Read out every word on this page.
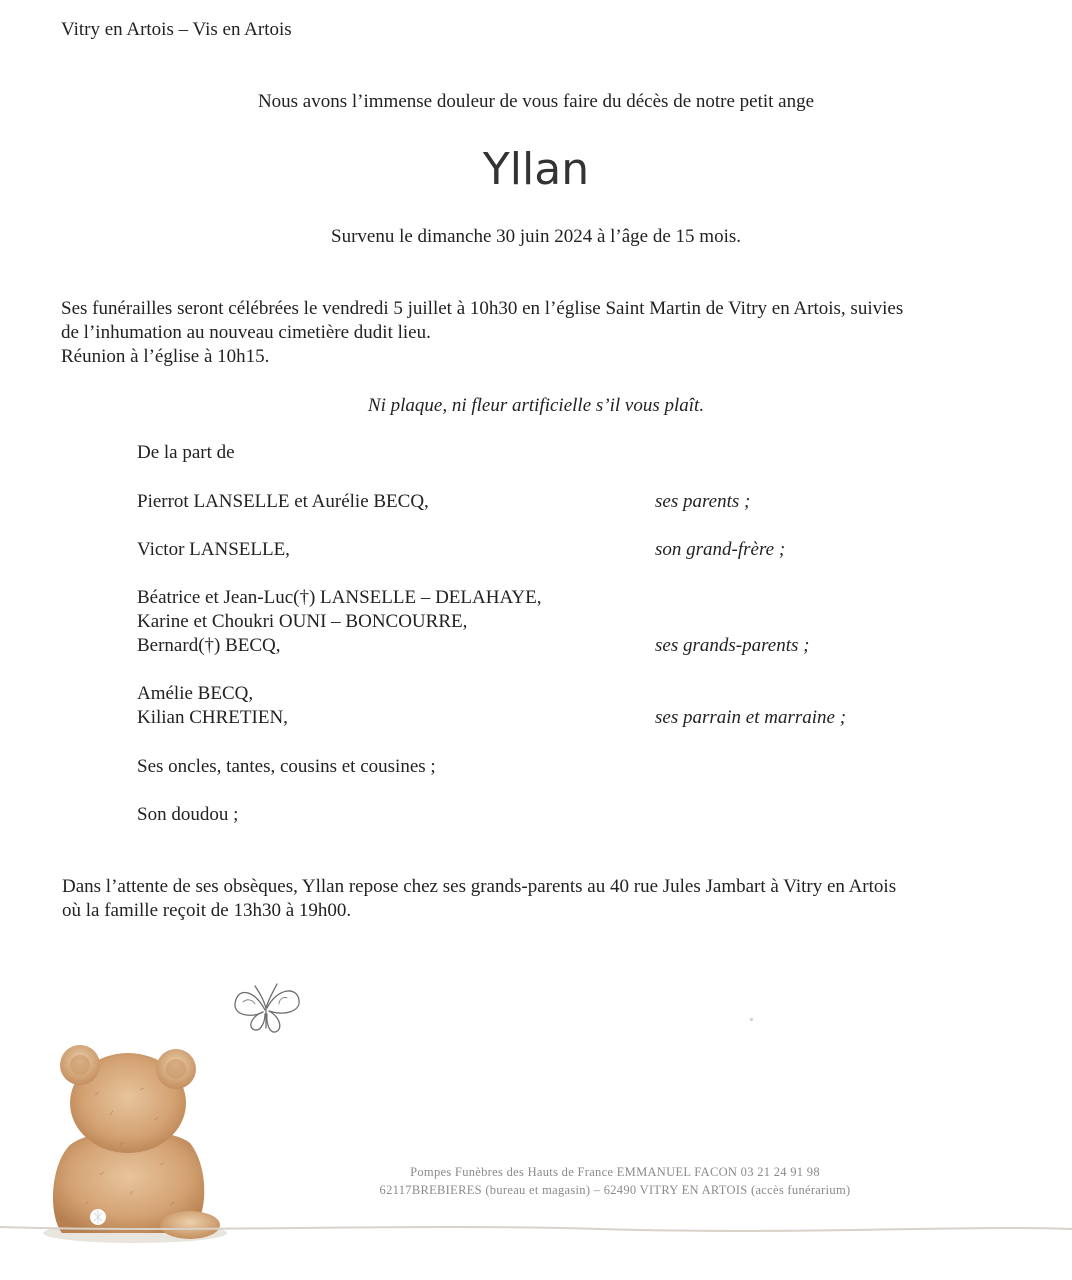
Vitry en Artois – Vis en Artois
Nous avons l’immense douleur de vous faire du décès de notre petit ange
Yllan
Survenu le dimanche 30 juin 2024 à l’âge de 15 mois.
Ses funérailles seront célébrées le vendredi 5 juillet à 10h30 en l’église Saint Martin de Vitry en Artois, suivies
de l’inhumation au nouveau cimetière dudit lieu.
Réunion à l’église à 10h15.
Ni plaque, ni fleur artificielle s’il vous plaît.
De la part de
Pierrot LANSELLE et Aurélie BECQ,	ses parents ;
Victor LANSELLE,	son grand-frère ;
Béatrice et Jean-Luc(†) LANSELLE – DELAHAYE,
Karine et Choukri OUNI – BONCOURRE,
Bernard(†) BECQ,	ses grands-parents ;
Amélie BECQ,
Kilian CHRETIEN,	ses parrain et marraine ;
Ses oncles, tantes, cousins et cousines ;
Son doudou ;
Dans l’attente de ses obsèques, Yllan repose chez ses grands-parents au 40 rue Jules Jambart à Vitry en Artois
où la famille reçoit de 13h30 à 19h00.
Pompes Funèbres des Hauts de France EMMANUEL FACON 03 21 24 91 98
62117BREBIERES (bureau et magasin) – 62490 VITRY EN ARTOIS (accès funérarium)
